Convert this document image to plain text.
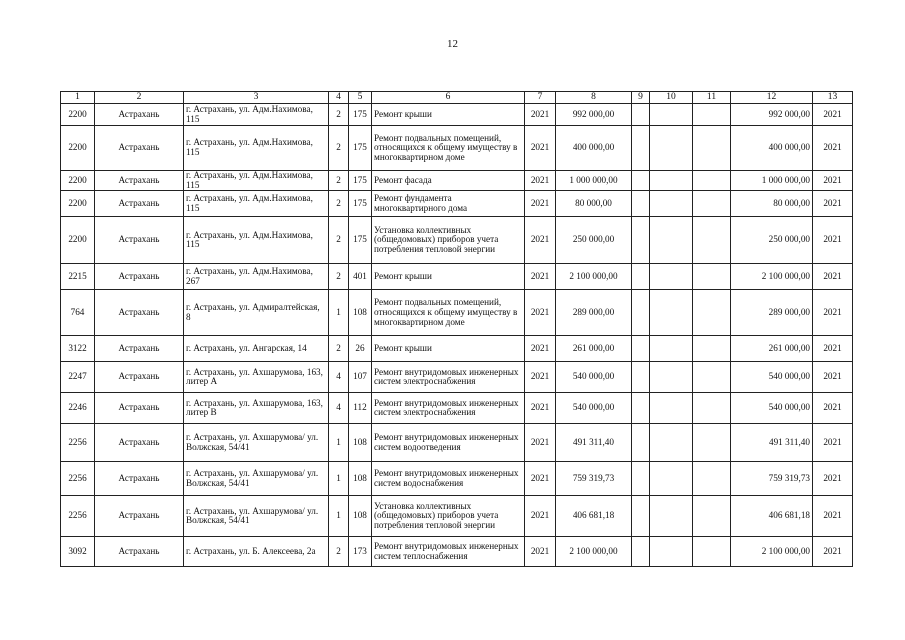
12
1	2	3	4	5	6	7	8	9	10	11	12	13
2200	Астрахань	г. Астрахань, ул. Адм.Нахимова, 115	2	175	Ремонт крыши	2021	992 000,00				992 000,00	2021
2200	Астрахань	г. Астрахань, ул. Адм.Нахимова, 115	2	175	Ремонт подвальных помещений, относящихся к общему имуществу в многоквартирном доме	2021	400 000,00				400 000,00	2021
2200	Астрахань	г. Астрахань, ул. Адм.Нахимова, 115	2	175	Ремонт фасада	2021	1 000 000,00				1 000 000,00	2021
2200	Астрахань	г. Астрахань, ул. Адм.Нахимова, 115	2	175	Ремонт фундамента многоквартирного дома	2021	80 000,00				80 000,00	2021
2200	Астрахань	г. Астрахань, ул. Адм.Нахимова, 115	2	175	Установка коллективных (общедомовых) приборов учета потребления тепловой энергии	2021	250 000,00				250 000,00	2021
2215	Астрахань	г. Астрахань, ул. Адм.Нахимова, 267	2	401	Ремонт крыши	2021	2 100 000,00				2 100 000,00	2021
764	Астрахань	г. Астрахань, ул. Адмиралтейская, 8	1	108	Ремонт подвальных помещений, относящихся к общему имуществу в многоквартирном доме	2021	289 000,00				289 000,00	2021
3122	Астрахань	г. Астрахань, ул. Ангарская, 14	2	26	Ремонт крыши	2021	261 000,00				261 000,00	2021
2247	Астрахань	г. Астрахань, ул. Ахшарумова, 163, литер А	4	107	Ремонт внутридомовых инженерных систем электроснабжения	2021	540 000,00				540 000,00	2021
2246	Астрахань	г. Астрахань, ул. Ахшарумова, 163, литер В	4	112	Ремонт внутридомовых инженерных систем электроснабжения	2021	540 000,00				540 000,00	2021
2256	Астрахань	г. Астрахань, ул. Ахшарумова/ ул. Волжская, 54/41	1	108	Ремонт внутридомовых инженерных систем водоотведения	2021	491 311,40				491 311,40	2021
2256	Астрахань	г. Астрахань, ул. Ахшарумова/ ул. Волжская, 54/41	1	108	Ремонт внутридомовых инженерных систем водоснабжения	2021	759 319,73				759 319,73	2021
2256	Астрахань	г. Астрахань, ул. Ахшарумова/ ул. Волжская, 54/41	1	108	Установка коллективных (общедомовых) приборов учета потребления тепловой энергии	2021	406 681,18				406 681,18	2021
3092	Астрахань	г. Астрахань, ул. Б. Алексеева, 2а	2	173	Ремонт внутридомовых инженерных систем теплоснабжения	2021	2 100 000,00				2 100 000,00	2021
